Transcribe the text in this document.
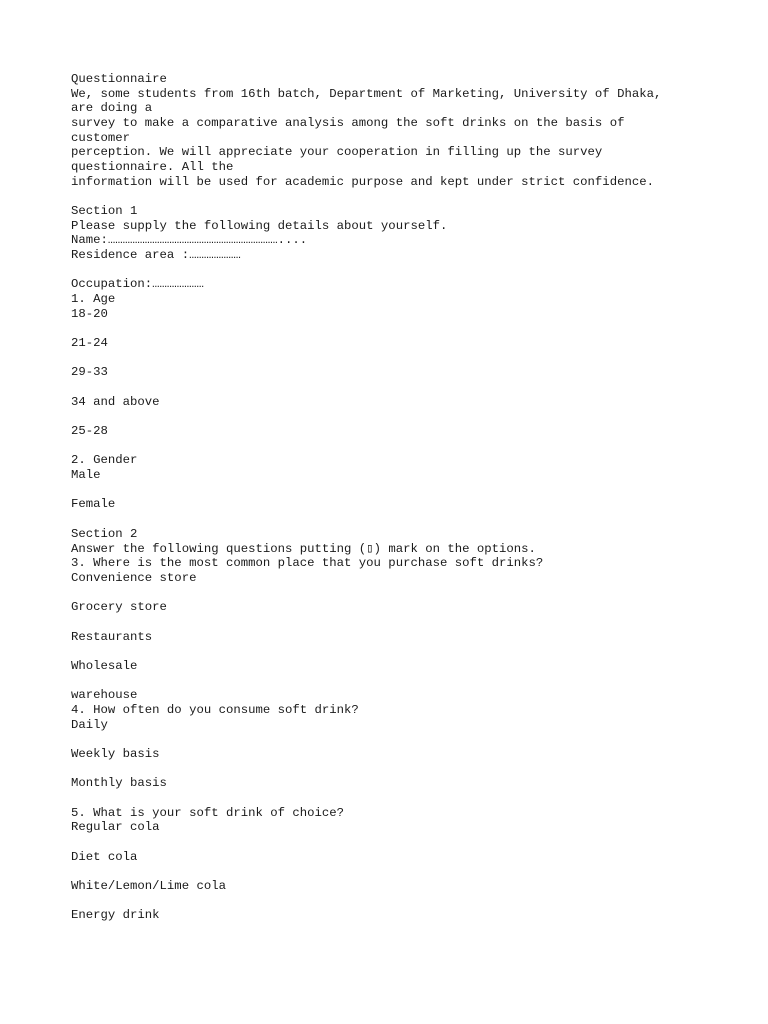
Questionnaire
We, some students from 16th batch, Department of Marketing, University of Dhaka,
are doing a
survey to make a comparative analysis among the soft drinks on the basis of
customer
perception. We will appreciate your cooperation in filling up the survey
questionnaire. All the
information will be used for academic purpose and kept under strict confidence.
Section 1
Please supply the following details about yourself.
Name:……………………………………………………………....
Residence area :…………………
Occupation:…………………
1. Age
18-20
21-24
29-33
34 and above
25-28
2. Gender
Male
Female
Section 2
Answer the following questions putting (▯) mark on the options.
3. Where is the most common place that you purchase soft drinks?
Convenience store
Grocery store
Restaurants
Wholesale
warehouse
4. How often do you consume soft drink?
Daily
Weekly basis
Monthly basis
5. What is your soft drink of choice?
Regular cola
Diet cola
White/Lemon/Lime cola
Energy drink
